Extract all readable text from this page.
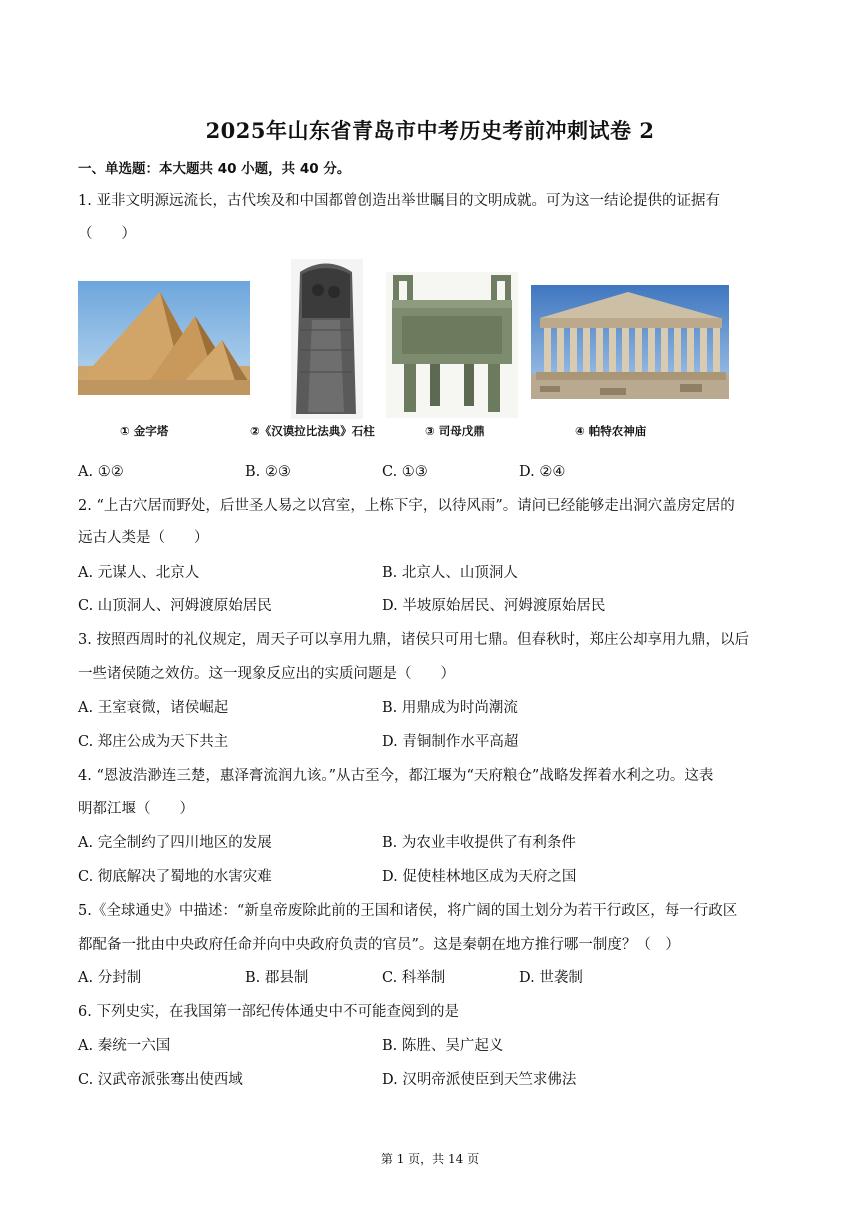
2025年山东省青岛市中考历史考前冲刺试卷 2
一、单选题：本大题共 40 小题，共 40 分。
1. 亚非文明源远流长，古代埃及和中国都曾创造出举世瞩目的文明成就。可为这一结论提供的证据有
（　　）
① 金字塔	②《汉谟拉比法典》石柱	③ 司母戊鼎	④ 帕特农神庙
A. ①②	B. ②③	C. ①③	D. ②④
2. “上古穴居而野处，后世圣人易之以宫室，上栋下宇，以待风雨”。请问已经能够走出洞穴盖房定居的
远古人类是（　　）
A. 元谋人、北京人	B. 北京人、山顶洞人
C. 山顶洞人、河姆渡原始居民	D. 半坡原始居民、河姆渡原始居民
3. 按照西周时的礼仪规定，周天子可以享用九鼎，诸侯只可用七鼎。但春秋时，郑庄公却享用九鼎，以后
一些诸侯随之效仿。这一现象反应出的实质问题是（　　）
A. 王室衰微，诸侯崛起	B. 用鼎成为时尚潮流
C. 郑庄公成为天下共主	D. 青铜制作水平高超
4. “恩波浩渺连三楚，惠泽膏流润九该。”从古至今，都江堰为“天府粮仓”战略发挥着水利之功。这表
明都江堰（　　）
A. 完全制约了四川地区的发展	B. 为农业丰收提供了有利条件
C. 彻底解决了蜀地的水害灾难	D. 促使桂林地区成为天府之国
5.《全球通史》中描述：“新皇帝废除此前的王国和诸侯，将广阔的国土划分为若干行政区，每一行政区
都配备一批由中央政府任命并向中央政府负责的官员”。这是秦朝在地方推行哪一制度？（　）
A. 分封制	B. 郡县制	C. 科举制	D. 世袭制
6. 下列史实，在我国第一部纪传体通史中不可能查阅到的是
A. 秦统一六国	B. 陈胜、吴广起义
C. 汉武帝派张骞出使西域	D. 汉明帝派使臣到天竺求佛法
第 1 页，共 14 页
